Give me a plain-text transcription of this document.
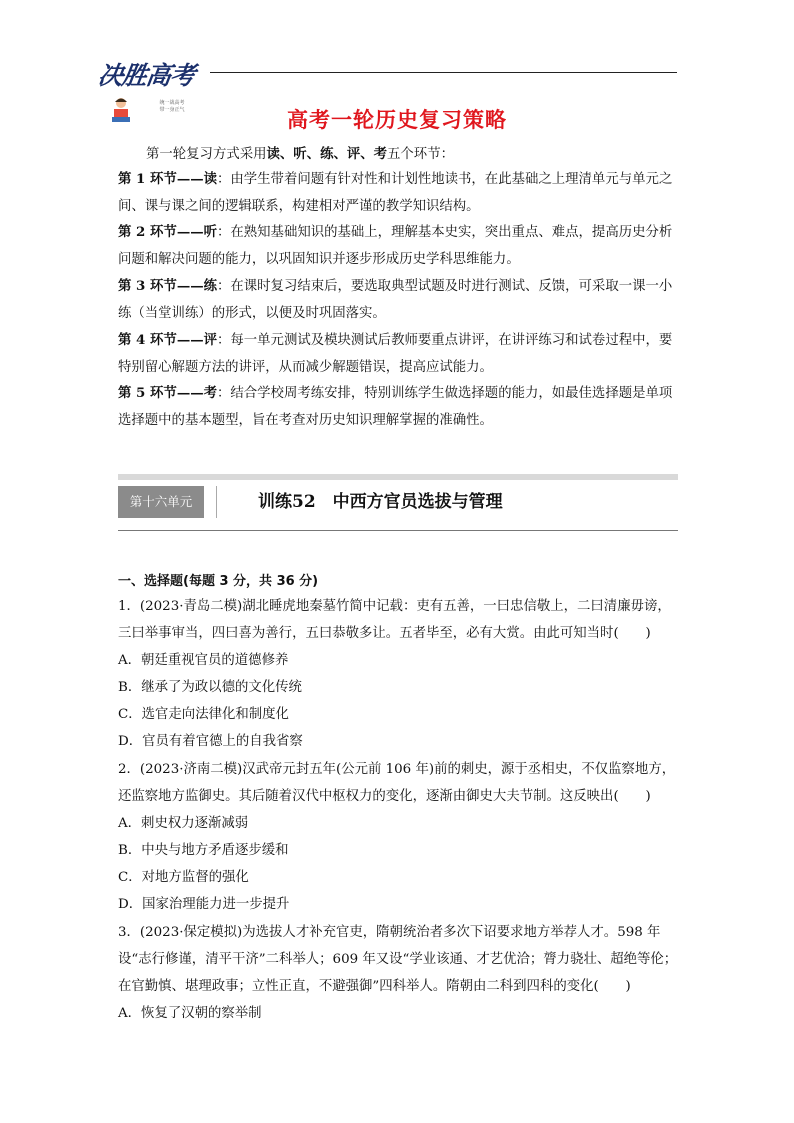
决胜高考
统一战高考
带一身正气	高考一轮历史复习策略

第一轮复习方式采用读、听、练、评、考五个环节：

第 1 环节——读：由学生带着问题有针对性和计划性地读书，在此基础之上理清单元与单元之间、课与课之间的逻辑联系，构建相对严谨的教学知识结构。

第 2 环节——听：在熟知基础知识的基础上，理解基本史实，突出重点、难点，提高历史分析问题和解决问题的能力，以巩固知识并逐步形成历史学科思维能力。

第 3 环节——练：在课时复习结束后，要选取典型试题及时进行测试、反馈，可采取一课一小练（当堂训练）的形式，以便及时巩固落实。

第 4 环节——评：每一单元测试及模块测试后教师要重点讲评，在讲评练习和试卷过程中，要特别留心解题方法的讲评，从而减少解题错误，提高应试能力。

第 5 环节——考：结合学校周考练安排，特别训练学生做选择题的能力，如最佳选择题是单项选择题中的基本题型，旨在考查对历史知识理解掌握的准确性。

第十六单元	训练52　中西方官员选拔与管理

一、选择题(每题 3 分，共 36 分)

1．(2023·青岛二模)湖北睡虎地秦墓竹简中记载：吏有五善，一曰忠信敬上，二曰清廉毋谤，三曰举事审当，四曰喜为善行，五曰恭敬多让。五者毕至，必有大赏。由此可知当时(　　)

A．朝廷重视官员的道德修养

B．继承了为政以德的文化传统

C．选官走向法律化和制度化

D．官员有着官德上的自我省察

2．(2023·济南二模)汉武帝元封五年(公元前 106 年)前的刺史，源于丞相史，不仅监察地方，还监察地方监御史。其后随着汉代中枢权力的变化，逐渐由御史大夫节制。这反映出(　　)

A．刺史权力逐渐减弱

B．中央与地方矛盾逐步缓和

C．对地方监督的强化

D．国家治理能力进一步提升

3．(2023·保定模拟)为选拔人才补充官吏，隋朝统治者多次下诏要求地方举荐人才。598 年设“志行修谨，清平干济”二科举人；609 年又设“学业该通、才艺优洽；膂力骁壮、超绝等伦；在官勤慎、堪理政事；立性正直，不避强御”四科举人。隋朝由二科到四科的变化(　　)

A．恢复了汉朝的察举制
